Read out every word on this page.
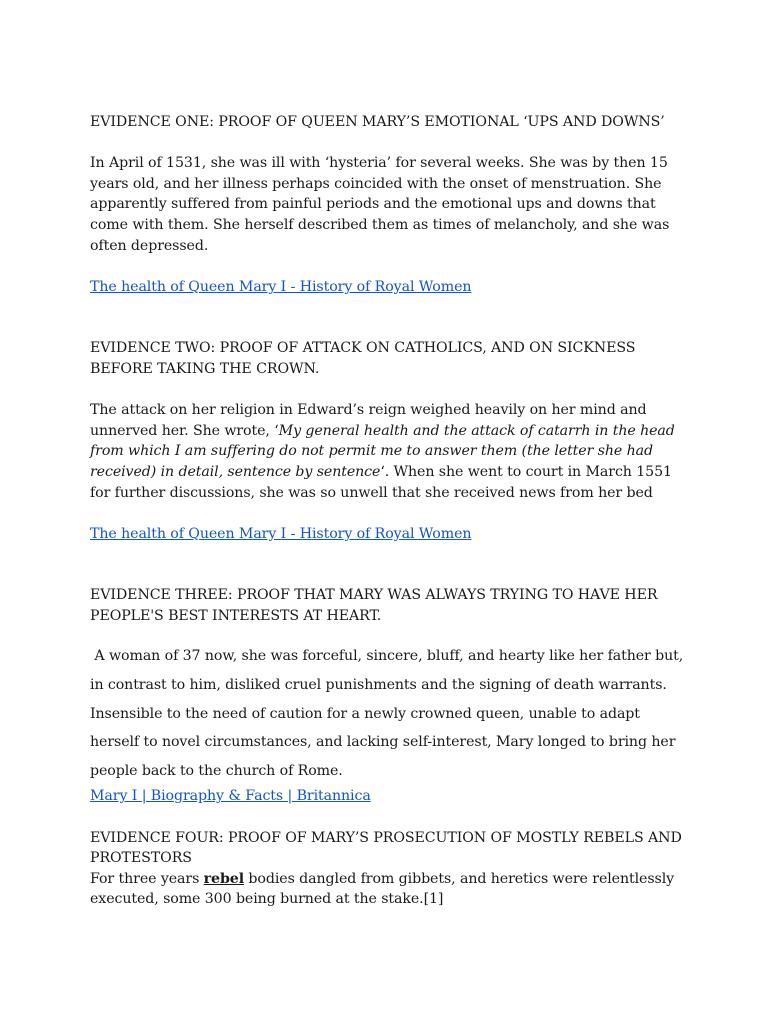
EVIDENCE ONE: PROOF OF QUEEN MARY’S EMOTIONAL ‘UPS AND DOWNS’

In April of 1531, she was ill with ‘hysteria’ for several weeks. She was by then 15 years old, and her illness perhaps coincided with the onset of menstruation. She apparently suffered from painful periods and the emotional ups and downs that come with them. She herself described them as times of melancholy, and she was often depressed.

The health of Queen Mary I - History of Royal Women

EVIDENCE TWO: PROOF OF ATTACK ON CATHOLICS, AND ON SICKNESS BEFORE TAKING THE CROWN.

The attack on her religion in Edward’s reign weighed heavily on her mind and unnerved her. She wrote, ‘My general health and the attack of catarrh in the head from which I am suffering do not permit me to answer them (the letter she had received) in detail, sentence by sentence‘. When she went to court in March 1551 for further discussions, she was so unwell that she received news from her bed

The health of Queen Mary I - History of Royal Women

EVIDENCE THREE: PROOF THAT MARY WAS ALWAYS TRYING TO HAVE HER PEOPLE'S BEST INTERESTS AT HEART.

A woman of 37 now, she was forceful, sincere, bluff, and hearty like her father but, in contrast to him, disliked cruel punishments and the signing of death warrants. Insensible to the need of caution for a newly crowned queen, unable to adapt herself to novel circumstances, and lacking self-interest, Mary longed to bring her people back to the church of Rome.

Mary I | Biography & Facts | Britannica

EVIDENCE FOUR: PROOF OF MARY’S PROSECUTION OF MOSTLY REBELS AND PROTESTORS

For three years rebel bodies dangled from gibbets, and heretics were relentlessly executed, some 300 being burned at the stake.[1]
